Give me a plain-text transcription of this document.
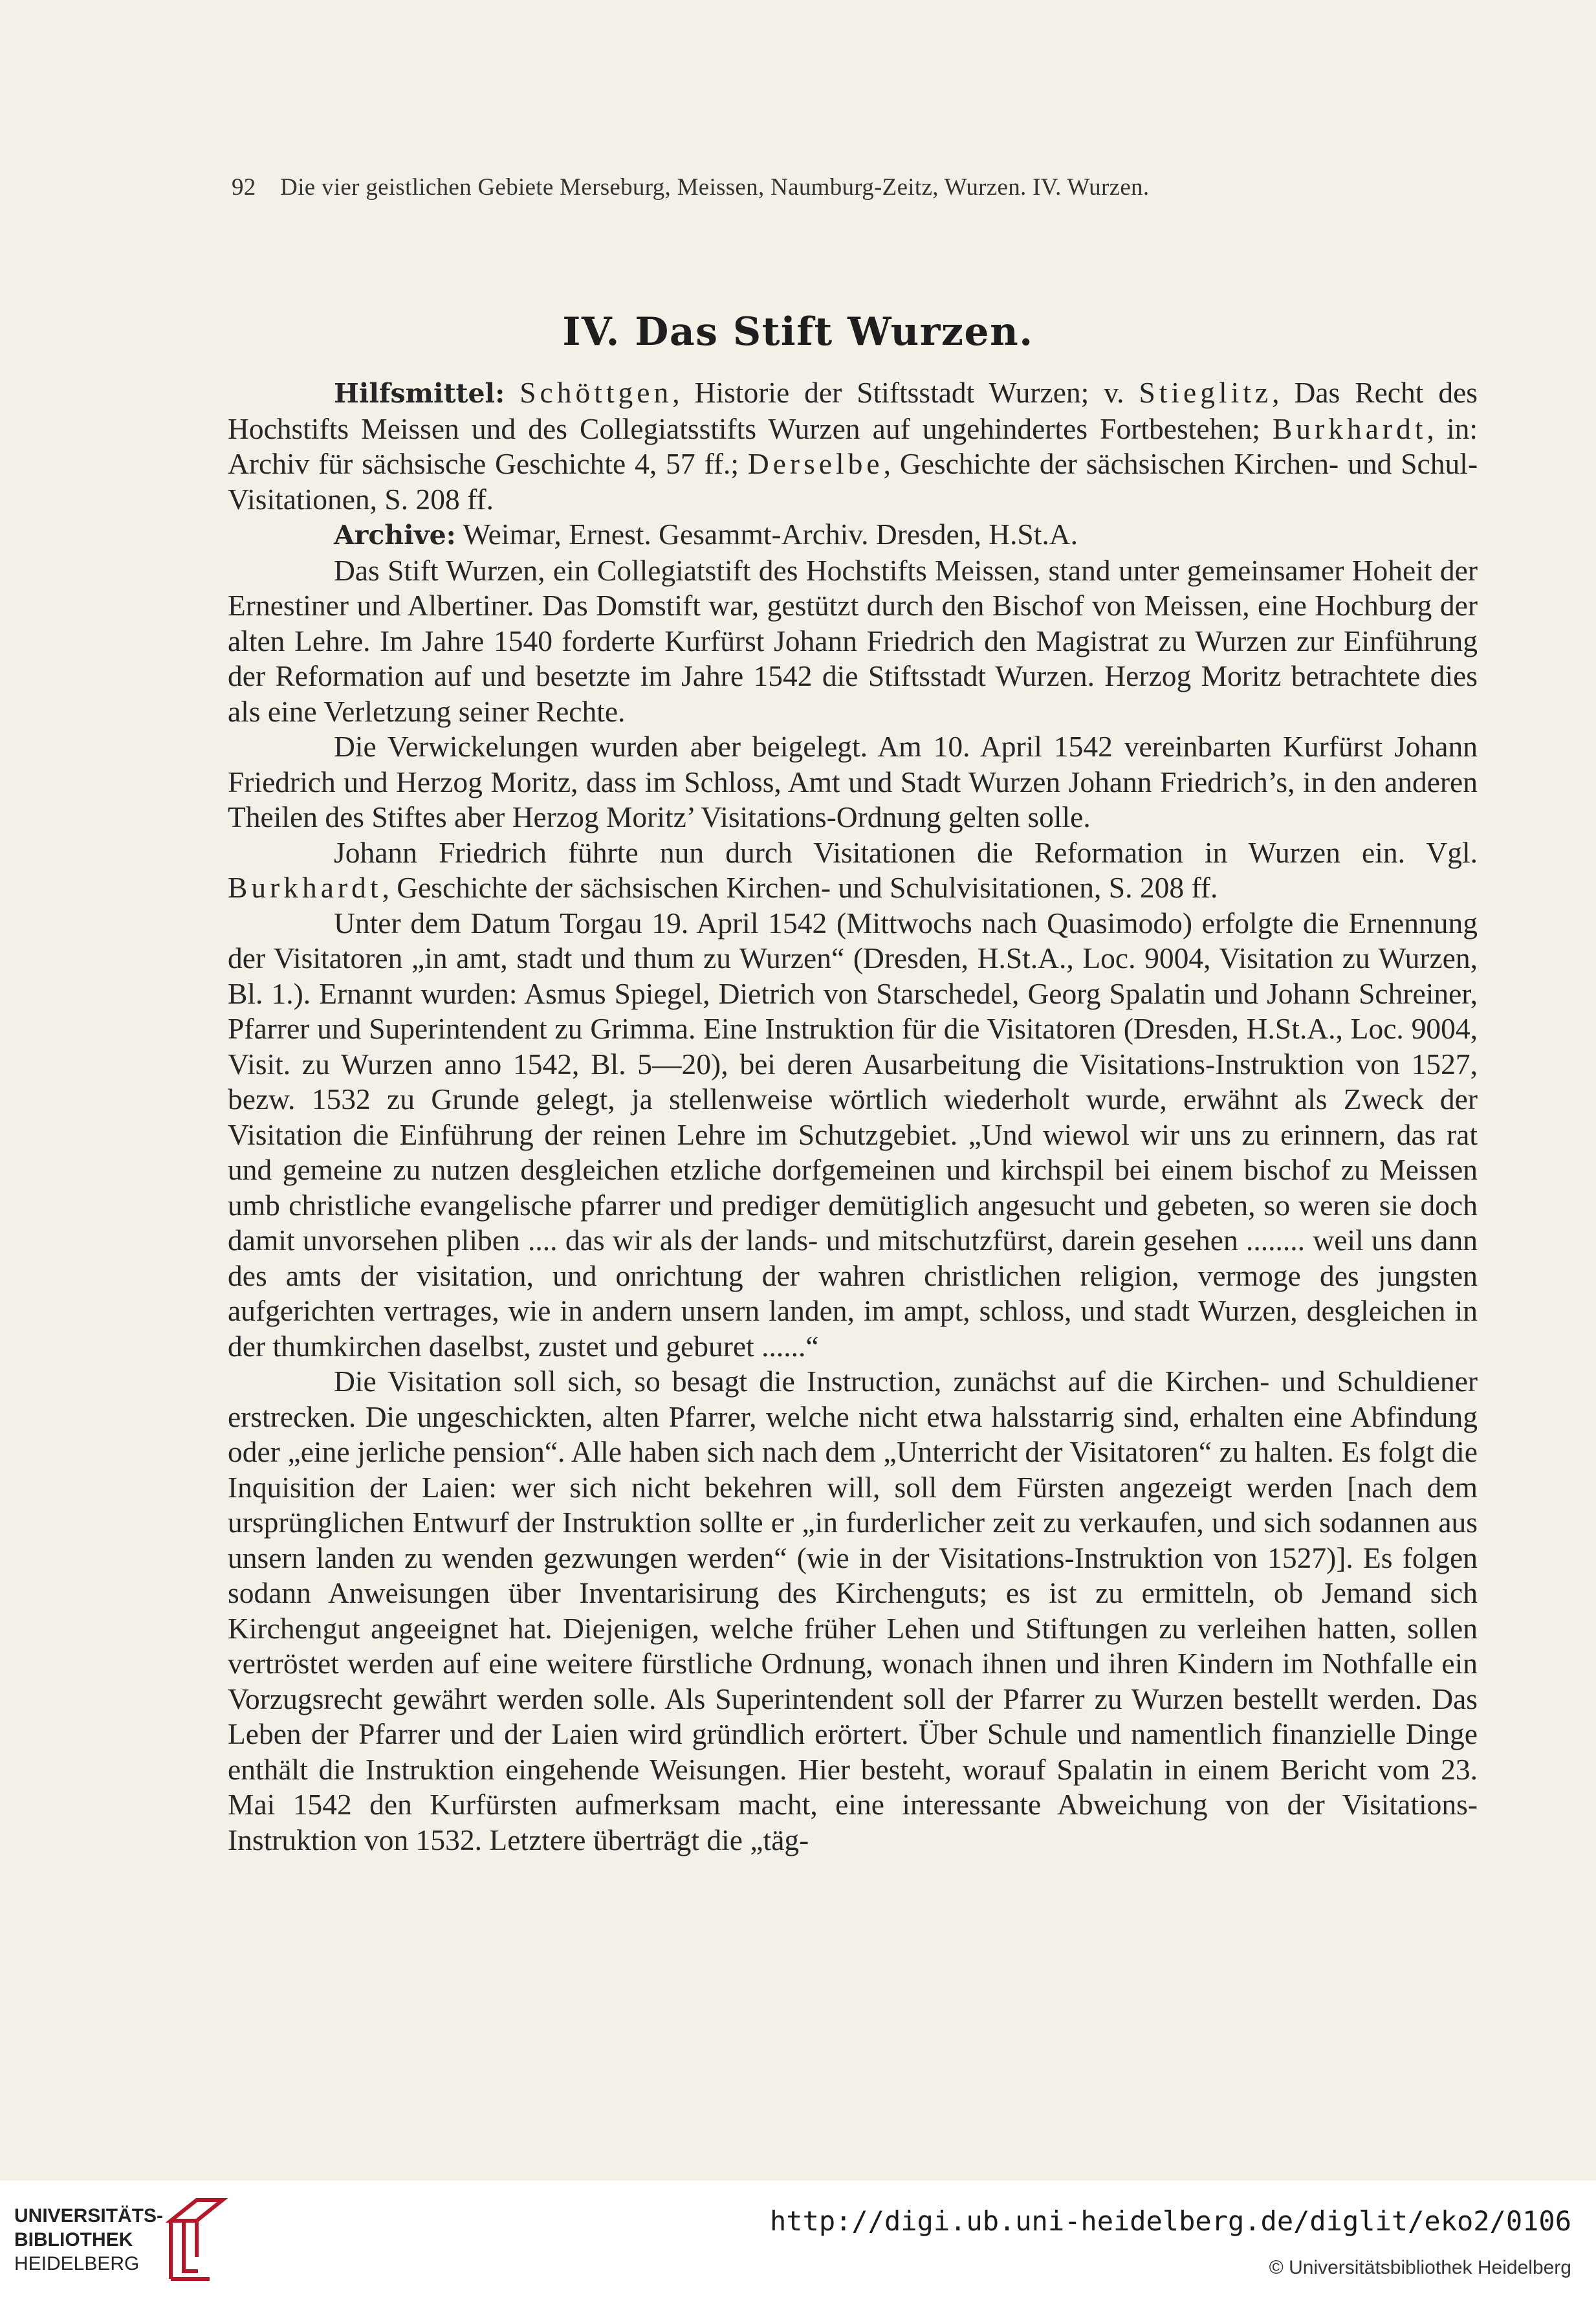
92 Die vier geistlichen Gebiete Merseburg, Meissen, Naumburg-Zeitz, Wurzen. IV. Wurzen.
IV. Das Stift Wurzen.

Hilfsmittel: Schöttgen, Historie der Stiftsstadt Wurzen; v. Stieglitz, Das Recht des Hochstifts Meissen und des Collegiatsstifts Wurzen auf ungehindertes Fortbestehen; Burkhardt, in: Archiv für sächsische Geschichte 4, 57 ff.; Derselbe, Geschichte der sächsischen Kirchen- und Schul-Visitationen, S. 208 ff.

Archive: Weimar, Ernest. Gesammt-Archiv. Dresden, H.St.A.

Das Stift Wurzen, ein Collegiatstift des Hochstifts Meissen, stand unter gemeinsamer Hoheit der Ernestiner und Albertiner. Das Domstift war, gestützt durch den Bischof von Meissen, eine Hochburg der alten Lehre. Im Jahre 1540 forderte Kurfürst Johann Friedrich den Magistrat zu Wurzen zur Einführung der Reformation auf und besetzte im Jahre 1542 die Stiftsstadt Wurzen. Herzog Moritz betrachtete dies als eine Verletzung seiner Rechte.

Die Verwickelungen wurden aber beigelegt. Am 10. April 1542 vereinbarten Kurfürst Johann Friedrich und Herzog Moritz, dass im Schloss, Amt und Stadt Wurzen Johann Friedrich’s, in den anderen Theilen des Stiftes aber Herzog Moritz’ Visitations-Ordnung gelten solle.

Johann Friedrich führte nun durch Visitationen die Reformation in Wurzen ein. Vgl. Burkhardt, Geschichte der sächsischen Kirchen- und Schulvisitationen, S. 208 ff.

Unter dem Datum Torgau 19. April 1542 (Mittwochs nach Quasimodo) erfolgte die Ernennung der Visitatoren „in amt, stadt und thum zu Wurzen“ (Dresden, H.St.A., Loc. 9004, Visitation zu Wurzen, Bl. 1.). Ernannt wurden: Asmus Spiegel, Dietrich von Starschedel, Georg Spalatin und Johann Schreiner, Pfarrer und Superintendent zu Grimma. Eine Instruktion für die Visitatoren (Dresden, H.St.A., Loc. 9004, Visit. zu Wurzen anno 1542, Bl. 5—20), bei deren Ausarbeitung die Visitations-Instruktion von 1527, bezw. 1532 zu Grunde gelegt, ja stellenweise wörtlich wiederholt wurde, erwähnt als Zweck der Visitation die Einführung der reinen Lehre im Schutzgebiet. „Und wiewol wir uns zu erinnern, das rat und gemeine zu nutzen desgleichen etzliche dorfgemeinen und kirchspil bei einem bischof zu Meissen umb christliche evangelische pfarrer und prediger demütiglich angesucht und gebeten, so weren sie doch damit unvorsehen pliben .... das wir als der lands- und mitschutzfürst, darein gesehen ........ weil uns dann des amts der visitation, und onrichtung der wahren christlichen religion, vermoge des jungsten aufgerichten vertrages, wie in andern unsern landen, im ampt, schloss, und stadt Wurzen, desgleichen in der thumkirchen daselbst, zustet und geburet ......“

Die Visitation soll sich, so besagt die Instruction, zunächst auf die Kirchen- und Schuldiener erstrecken. Die ungeschickten, alten Pfarrer, welche nicht etwa halsstarrig sind, erhalten eine Abfindung oder „eine jerliche pension“. Alle haben sich nach dem „Unterricht der Visitatoren“ zu halten. Es folgt die Inquisition der Laien: wer sich nicht bekehren will, soll dem Fürsten angezeigt werden [nach dem ursprünglichen Entwurf der Instruktion sollte er „in furderlicher zeit zu verkaufen, und sich sodannen aus unsern landen zu wenden gezwungen werden“ (wie in der Visitations-Instruktion von 1527)]. Es folgen sodann Anweisungen über Inventarisirung des Kirchenguts; es ist zu ermitteln, ob Jemand sich Kirchengut angeeignet hat. Diejenigen, welche früher Lehen und Stiftungen zu verleihen hatten, sollen vertröstet werden auf eine weitere fürstliche Ordnung, wonach ihnen und ihren Kindern im Nothfalle ein Vorzugsrecht gewährt werden solle. Als Superintendent soll der Pfarrer zu Wurzen bestellt werden. Das Leben der Pfarrer und der Laien wird gründlich erörtert. Über Schule und namentlich finanzielle Dinge enthält die Instruktion eingehende Weisungen. Hier besteht, worauf Spalatin in einem Bericht vom 23. Mai 1542 den Kurfürsten aufmerksam macht, eine interessante Abweichung von der Visitations-Instruktion von 1532. Letztere überträgt die „täg-

UNIVERSITÄTS-
BIBLIOTHEK
HEIDELBERG
http://digi.ub.uni-heidelberg.de/diglit/eko2/0106
© Universitätsbibliothek Heidelberg
